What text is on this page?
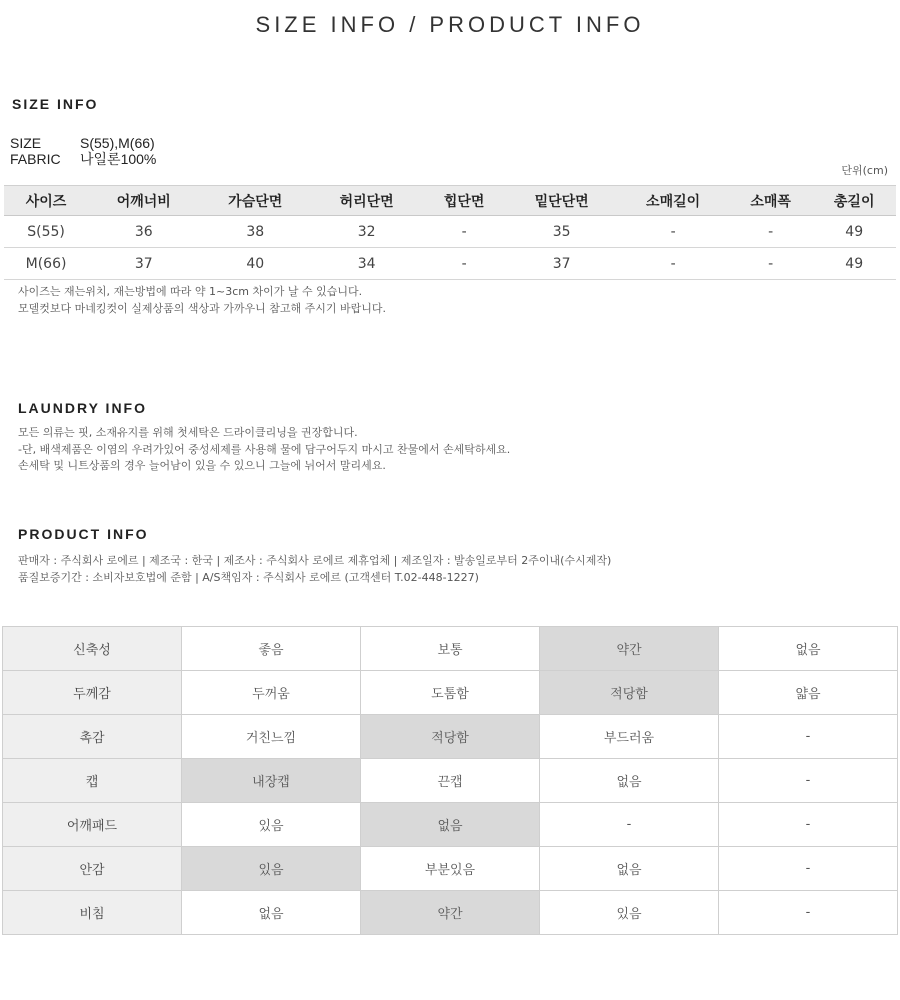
SIZE INFO / PRODUCT INFO
SIZE INFO
SIZE	S(55),M(66)
FABRIC 나일론100%
단위(cm)
사이즈	어깨너비	가슴단면	허리단면	힙단면	밑단단면	소매길이	소매폭	총길이
S(55)	36	38	32	-	35	-	-	49
M(66)	37	40	34	-	37	-	-	49

사이즈는 재는위치, 재는방법에 따라 약 1~3cm 차이가 날 수 있습니다.

모델컷보다 마네킹컷이 실제상품의 색상과 가까우니 참고해 주시기 바랍니다.

LAUNDRY INFO

모든 의류는 핏, 소재유지를 위해 첫세탁은 드라이클리닝을 권장합니다.

-단, 배색제품은 이염의 우려가있어 중성세제를 사용해 물에 담구어두지 마시고 찬물에서 손세탁하세요.

손세탁 및 니트상품의 경우 늘어남이 있을 수 있으니 그늘에 뉘어서 말리세요.

PRODUCT INFO

판매자 : 주식회사 로에르 | 제조국 : 한국 | 제조사 : 주식회사 로에르 제휴업체 | 제조일자 : 발송일로부터 2주이내(수시제작)

품질보증기간 : 소비자보호법에 준함 | A/S책임자 : 주식회사 로에르 (고객센터 T.02-448-1227)

신축성	좋음	보통	약간	없음
두께감	두꺼움	도톰함	적당함	얇음
촉감	거친느낌	적당함	부드러움	-
캡	내장캡	끈캡	없음	-
어깨패드	있음	없음	-	-
안감	있음	부분있음	없음	-
비침	없음	약간	있음	-
